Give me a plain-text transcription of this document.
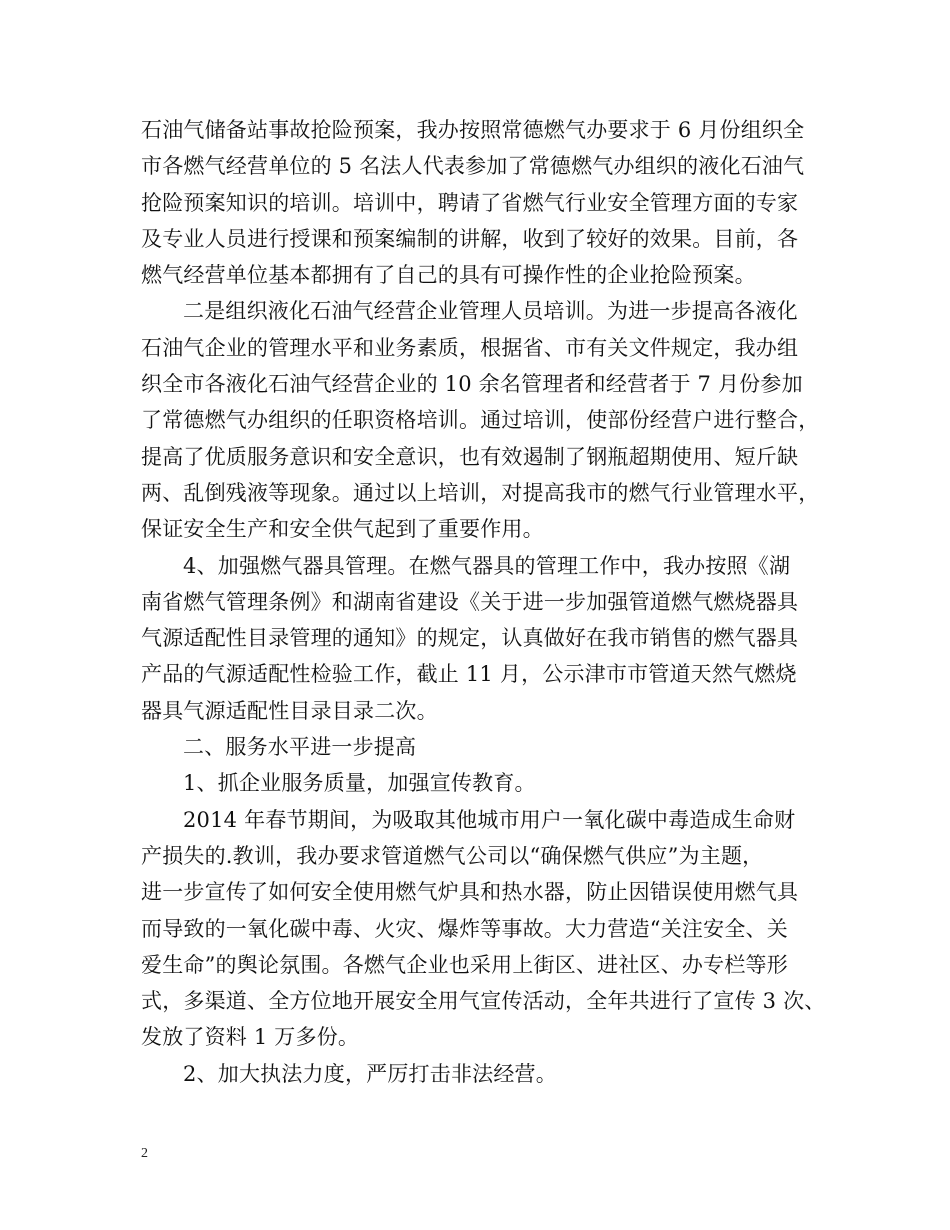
石油气储备站事故抢险预案，我办按照常德燃气办要求于 6 月份组织全
市各燃气经营单位的 5 名法人代表参加了常德燃气办组织的液化石油气
抢险预案知识的培训。培训中，聘请了省燃气行业安全管理方面的专家
及专业人员进行授课和预案编制的讲解，收到了较好的效果。目前，各
燃气经营单位基本都拥有了自己的具有可操作性的企业抢险预案。
二是组织液化石油气经营企业管理人员培训。为进一步提高各液化
石油气企业的管理水平和业务素质，根据省、市有关文件规定，我办组
织全市各液化石油气经营企业的 10 余名管理者和经营者于 7 月份参加
了常德燃气办组织的任职资格培训。通过培训，使部份经营户进行整合，
提高了优质服务意识和安全意识，也有效遏制了钢瓶超期使用、短斤缺
两、乱倒残液等现象。通过以上培训，对提高我市的燃气行业管理水平，
保证安全生产和安全供气起到了重要作用。
4、加强燃气器具管理。在燃气器具的管理工作中，我办按照《湖
南省燃气管理条例》和湖南省建设《关于进一步加强管道燃气燃烧器具
气源适配性目录管理的通知》的规定，认真做好在我市销售的燃气器具
产品的气源适配性检验工作，截止 11 月，公示津市市管道天然气燃烧
器具气源适配性目录目录二次。
二、服务水平进一步提高
1、抓企业服务质量，加强宣传教育。
2014 年春节期间，为吸取其他城市用户一氧化碳中毒造成生命财
产损失的.教训，我办要求管道燃气公司以“确保燃气供应”为主题，
进一步宣传了如何安全使用燃气炉具和热水器，防止因错误使用燃气具
而导致的一氧化碳中毒、火灾、爆炸等事故。大力营造“关注安全、关
爱生命”的舆论氛围。各燃气企业也采用上街区、进社区、办专栏等形
式，多渠道、全方位地开展安全用气宣传活动，全年共进行了宣传 3 次、
发放了资料 1 万多份。
2、加大执法力度，严厉打击非法经营。
2
